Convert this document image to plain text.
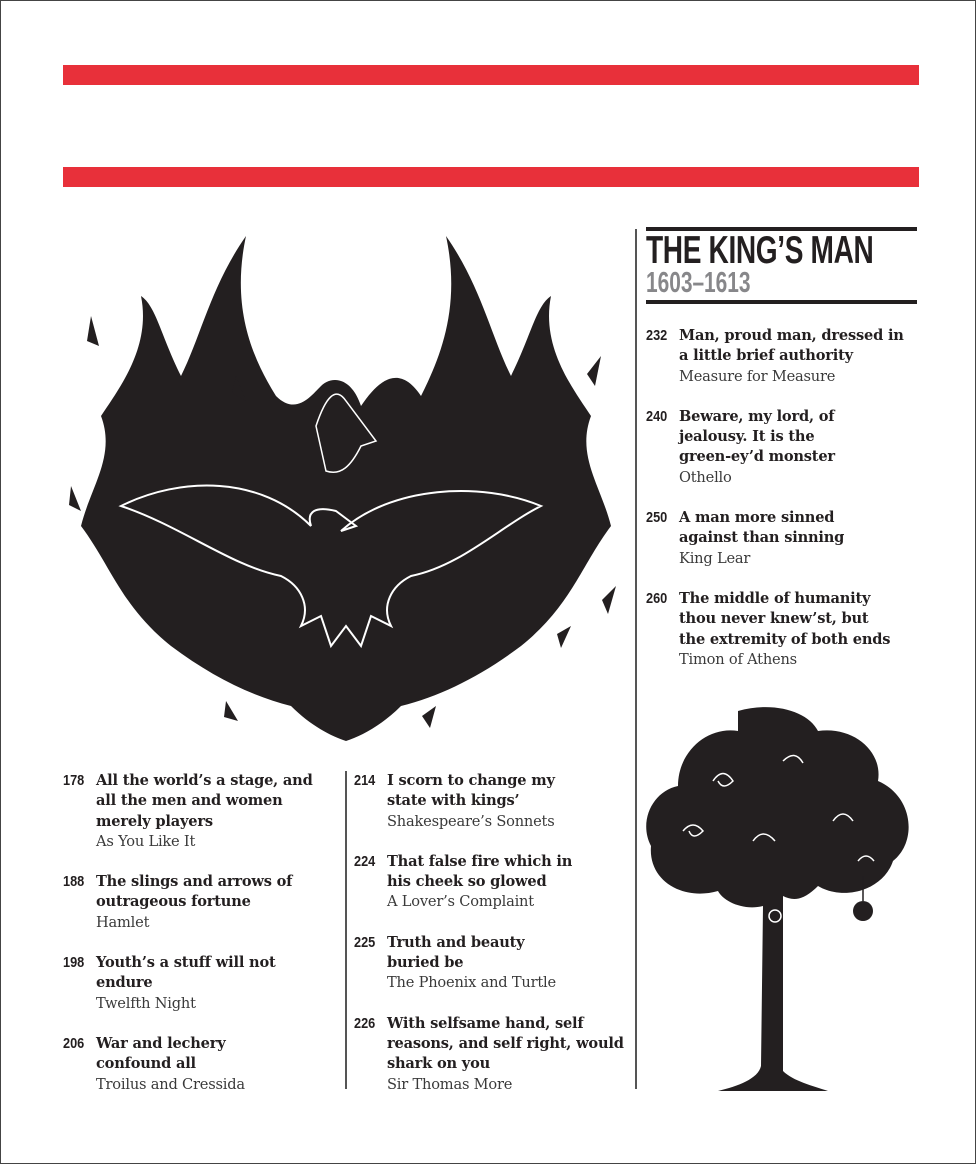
THE KING’S MAN
1603–1613
232 Man, proud man, dressed in a little brief authority
Measure for Measure
240 Beware, my lord, of jealousy. It is the green-ey’d monster
Othello
250 A man more sinned against than sinning
King Lear
260 The middle of humanity thou never knew’st, but the extremity of both ends
Timon of Athens
178 All the world’s a stage, and all the men and women merely players
As You Like It
188 The slings and arrows of outrageous fortune
Hamlet
198 Youth’s a stuff will not endure
Twelfth Night
206 War and lechery confound all
Troilus and Cressida
214 I scorn to change my state with kings’
Shakespeare’s Sonnets
224 That false fire which in his cheek so glowed
A Lover’s Complaint
225 Truth and beauty buried be
The Phoenix and Turtle
226 With selfsame hand, self reasons, and self right, would shark on you
Sir Thomas More
